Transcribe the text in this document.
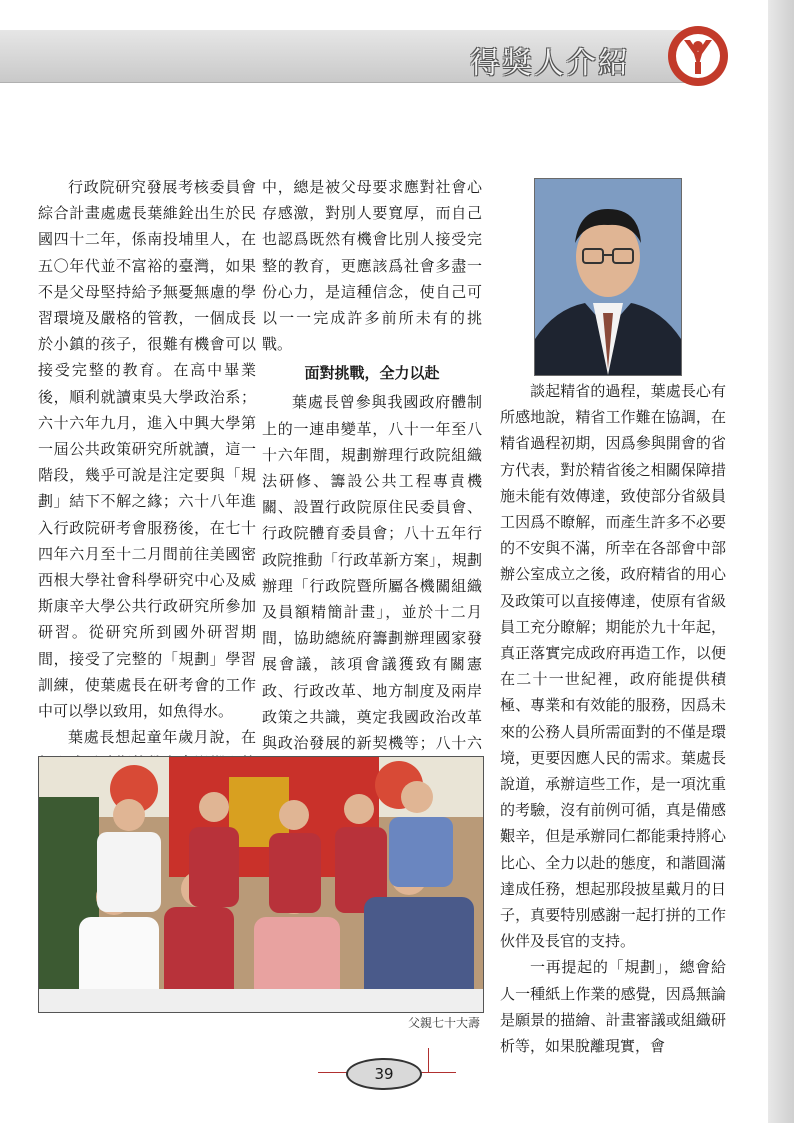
得獎人介紹

行政院研究發展考核委員會綜合計畫處處長葉維銓出生於民國四十二年，係南投埔里人，在五〇年代並不富裕的臺灣，如果不是父母堅持給予無憂無慮的學習環境及嚴格的管教，一個成長於小鎮的孩子，很難有機會可以接受完整的教育。在高中畢業後，順利就讀東吳大學政治系；六十六年九月，進入中興大學第一屆公共政策研究所就讀，這一階段，幾乎可說是注定要與「規劃」結下不解之緣；六十八年進入行政院研考會服務後，在七十四年六月至十二月間前往美國密西根大學社會科學研究中心及威斯康辛大學公共行政研究所參加研習。從研究所到國外研習期間，接受了完整的「規劃」學習訓練，使葉處長在研考會的工作中可以學以致用，如魚得水。

葉處長想起童年歲月說，在

中，總是被父母要求應對社會心存感激，對別人要寬厚，而自己也認爲既然有機會比別人接受完整的教育，更應該爲社會多盡一份心力，是這種信念，使自己可以一一完成許多前所未有的挑戰。

面對挑戰，全力以赴

葉處長曾參與我國政府體制上的一連串變革，八十一年至八十六年間，規劃辦理行政院組織法研修、籌設公共工程專責機關、設置行政院原住民委員會、行政院體育委員會；八十五年行政院推動「行政革新方案」，規劃辦理「行政院暨所屬各機關組織及員額精簡計畫」，並於十二月間，協助總統府籌劃辦理國家發展會議，該項會議獲致有關憲政、行政改革、地方制度及兩岸政策之共識，奠定我國政治改革與政治發展的新契機等；八十六

談起精省的過程，葉處長心有所感地說，精省工作難在協調，在精省過程初期，因爲參與開會的省方代表，對於精省後之相關保障措施未能有效傳達，致使部分省級員工因爲不瞭解，而產生許多不必要的不安與不滿，所幸在各部會中部辦公室成立之後，政府精省的用心及政策可以直接傳達，使原有省級員工充分瞭解；期能於九十年起，真正落實完成政府再造工作，以便在二十一世紀裡，政府能提供積極、專業和有效能的服務，因爲未來的公務人員所需面對的不僅是環境，更要因應人民的需求。葉處長說道，承辦這些工作，是一項沈重的考驗，沒有前例可循，真是備感艱辛，但是承辦同仁都能秉持將心比心、全力以赴的態度，和諧圓滿達成任務，想起那段披星戴月的日子，真要特別感謝一起打拼的工作伙伴及長官的支持。

一再提起的「規劃」，總會給人一種紙上作業的感覺，因爲無論是願景的描繪、計畫審議或組織研析等，如果脫離現實，會

父親七十大壽
39
